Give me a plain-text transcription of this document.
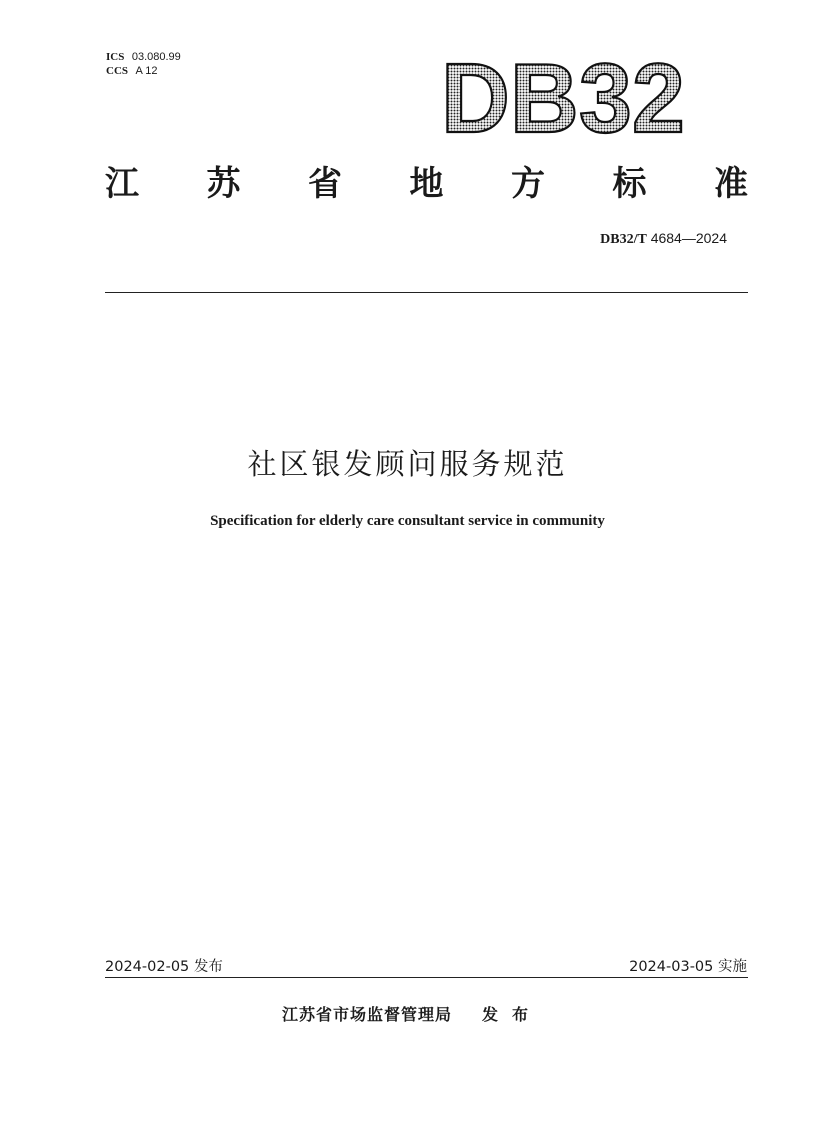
ICS 03.080.99
CCS A 12	DB32
江 苏 省 地 方 标 准
DB32/T 4684—2024
社区银发顾问服务规范
Specification for elderly care consultant service in community
2024-02-05 发布	2024-03-05 实施
江苏省市场监督管理局 发布
